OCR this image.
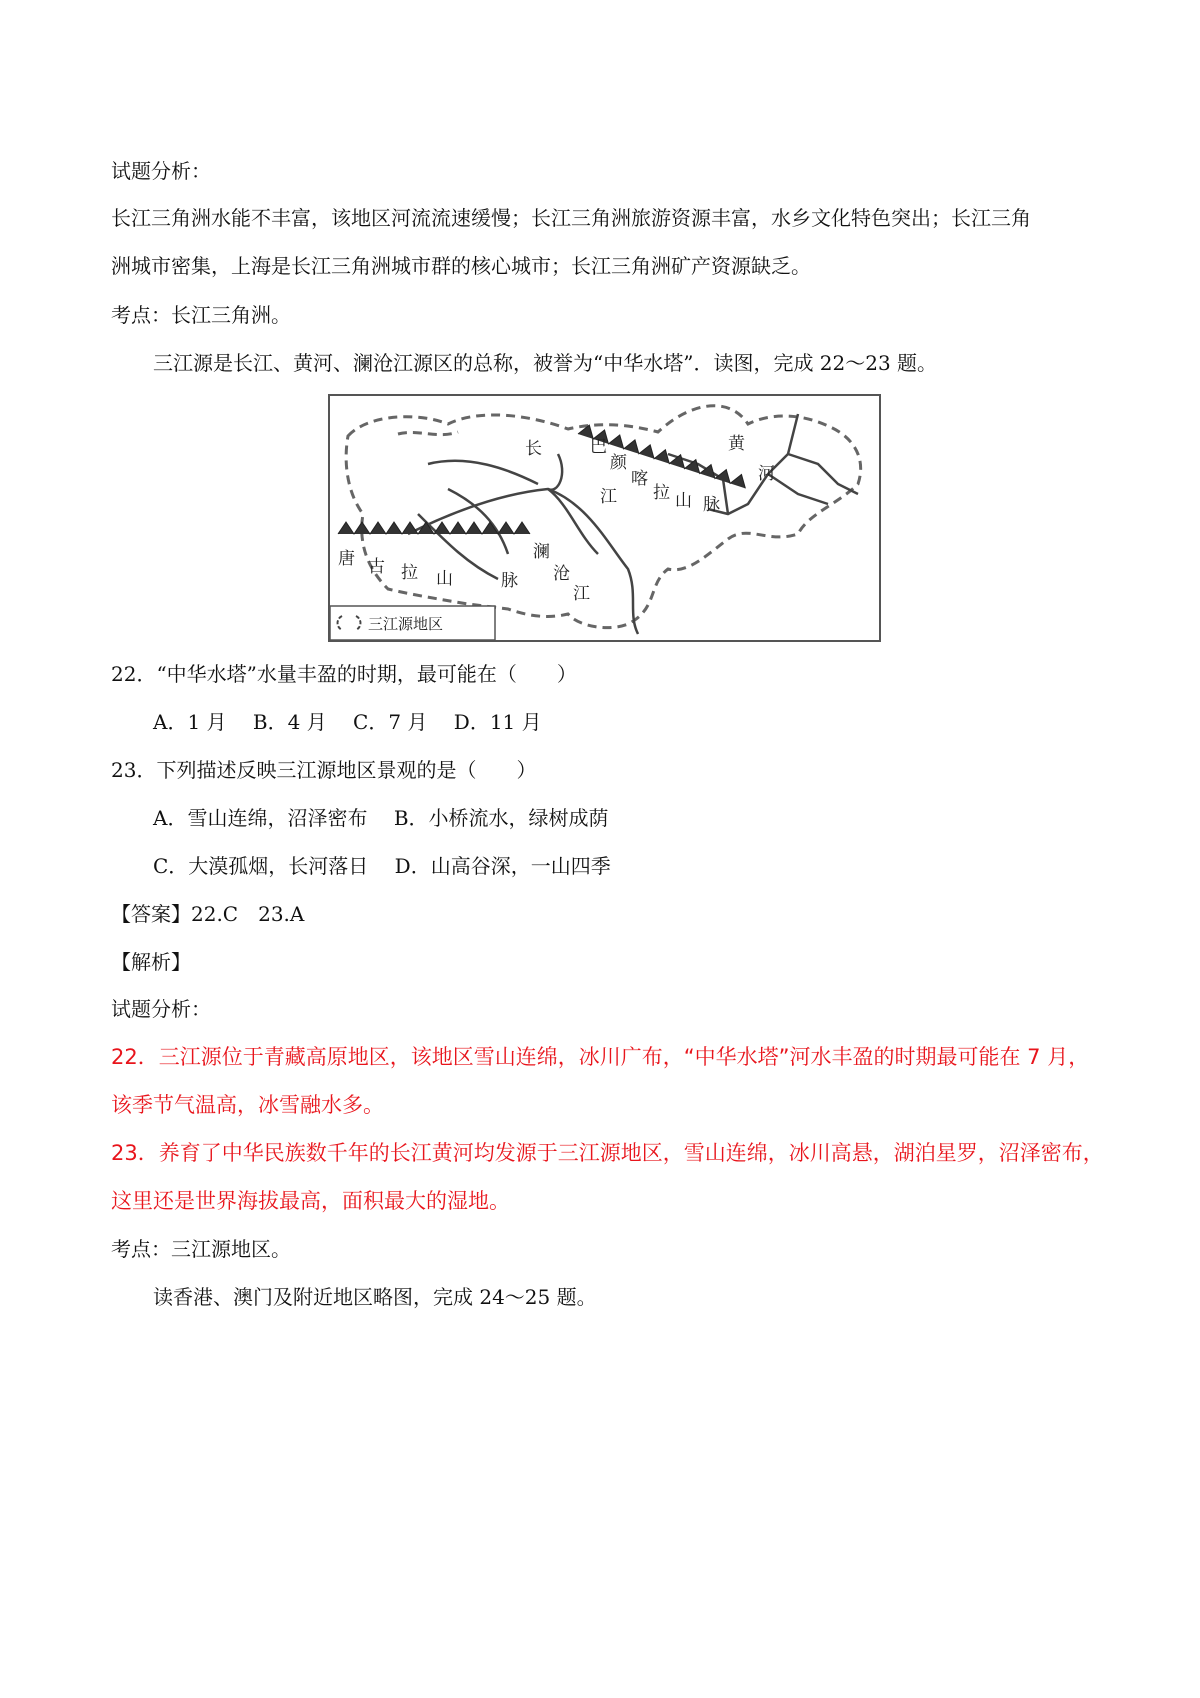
试题分析：
长江三角洲水能不丰富，该地区河流流速缓慢；长江三角洲旅游资源丰富，水乡文化特色突出；长江三角
洲城市密集，上海是长江三角洲城市群的核心城市；长江三角洲矿产资源缺乏。
考点：长江三角洲。
三江源是长江、黄河、澜沧江源区的总称，被誉为“中华水塔”．读图，完成 22～23 题。
黄
河
长
江
巴
颜
喀
拉 山 脉
唐 古 拉 山	脉
澜
沧
江
三江源地区
22．“中华水塔”水量丰盈的时期，最可能在（　　）
A．1 月 B．4 月 C．7 月 D．11 月
23．下列描述反映三江源地区景观的是（　　）
A．雪山连绵，沼泽密布 B．小桥流水，绿树成荫
C．大漠孤烟，长河落日 D．山高谷深，一山四季
【答案】22.C　23.A
【解析】
试题分析：
22．三江源位于青藏高原地区，该地区雪山连绵，冰川广布，“中华水塔”河水丰盈的时期最可能在 7 月，
该季节气温高，冰雪融水多。
23．养育了中华民族数千年的长江黄河均发源于三江源地区，雪山连绵，冰川高悬，湖泊星罗，沼泽密布，
这里还是世界海拔最高，面积最大的湿地。
考点：三江源地区。
读香港、澳门及附近地区略图，完成 24～25 题。
